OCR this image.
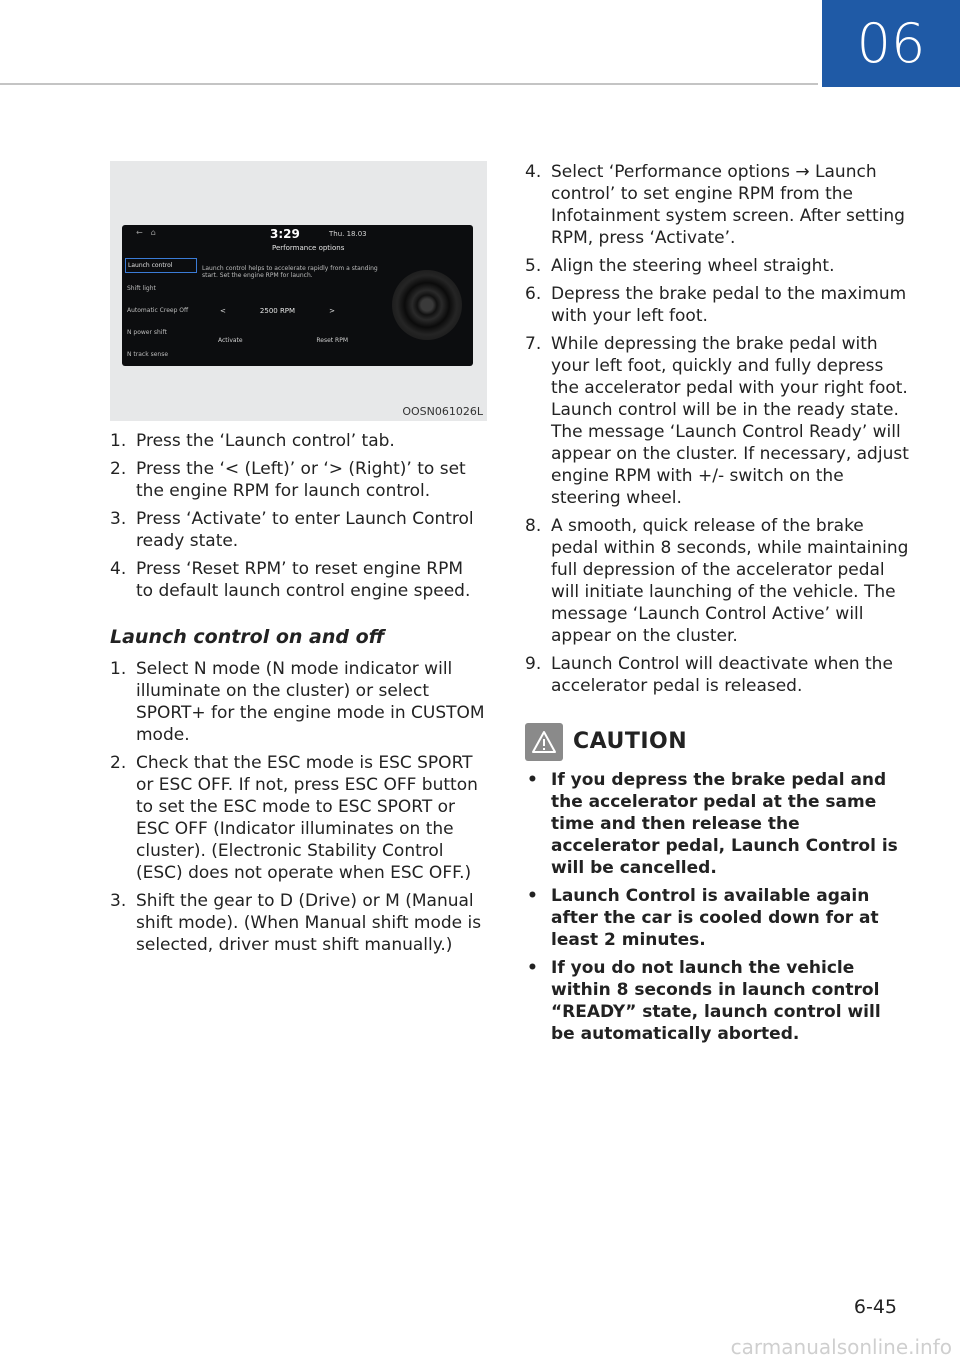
06
←⌂	3:29	Thu. 18.03
Performance options
Launch control
Shift light
Automatic Creep Off
N power shift
N track sense
Launch control helps to accelerate rapidly from a standing start. Set the engine RPM for launch.
<	2500 RPM	>
Activate	Reset RPM
OOSN061026L
1. Press the ‘Launch control’ tab.
2. Press the ‘< (Left)’ or ‘> (Right)’ to set the engine RPM for launch control.
3. Press ‘Activate’ to enter Launch Control ready state.
4. Press ‘Reset RPM’ to reset engine RPM to default launch control engine speed.
Launch control on and off
1. Select N mode (N mode indicator will illuminate on the cluster) or select SPORT+ for the engine mode in CUSTOM mode.
2. Check that the ESC mode is ESC SPORT or ESC OFF. If not, press ESC OFF button to set the ESC mode to ESC SPORT or ESC OFF (Indicator illuminates on the cluster). (Electronic Stability Control (ESC) does not operate when ESC OFF.)
3. Shift the gear to D (Drive) or M (Manual shift mode). (When Manual shift mode is selected, driver must shift manually.)
4. Select ‘Performance options → Launch control’ to set engine RPM from the Infotainment system screen. After setting RPM, press ‘Activate’.
5. Align the steering wheel straight.
6. Depress the brake pedal to the maximum with your left foot.
7. While depressing the brake pedal with your left foot, quickly and fully depress the accelerator pedal with your right foot. Launch control will be in the ready state. The message ‘Launch Control Ready’ will appear on the cluster. If necessary, adjust engine RPM with +/- switch on the steering wheel.
8. A smooth, quick release of the brake pedal within 8 seconds, while maintaining full depression of the accelerator pedal will initiate launching of the vehicle. The message ‘Launch Control Active’ will appear on the cluster.
9. Launch Control will deactivate when the accelerator pedal is released.
CAUTION
• If you depress the brake pedal and the accelerator pedal at the same time and then release the accelerator pedal, Launch Control is will be cancelled.
• Launch Control is available again after the car is cooled down for at least 2 minutes.
• If you do not launch the vehicle within 8 seconds in launch control “READY” state, launch control will be automatically aborted.
6-45
carmanualsonline.info
